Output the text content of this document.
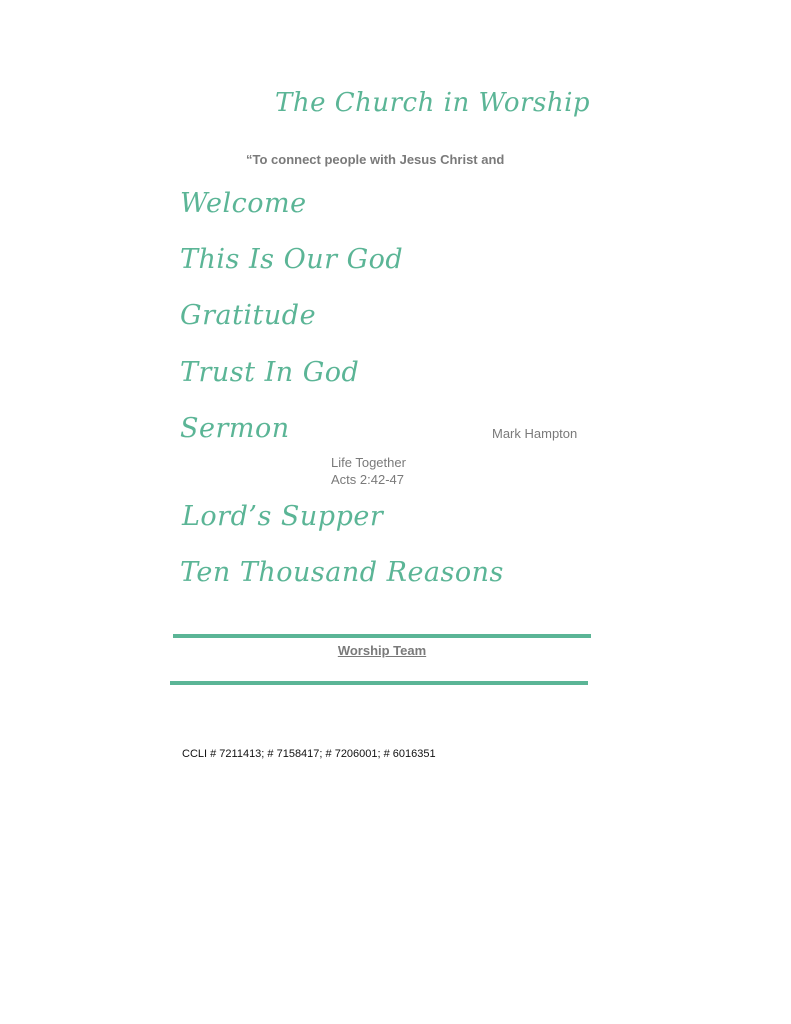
The Church in Worship
“To connect people with Jesus Christ and
Welcome
This Is Our God
Gratitude
Trust In God
Sermon	Mark Hampton
Life Together
Acts 2:42-47
Lord’s Supper
Ten Thousand Reasons
Worship Team
CCLI # 7211413; # 7158417; # 7206001; # 6016351
